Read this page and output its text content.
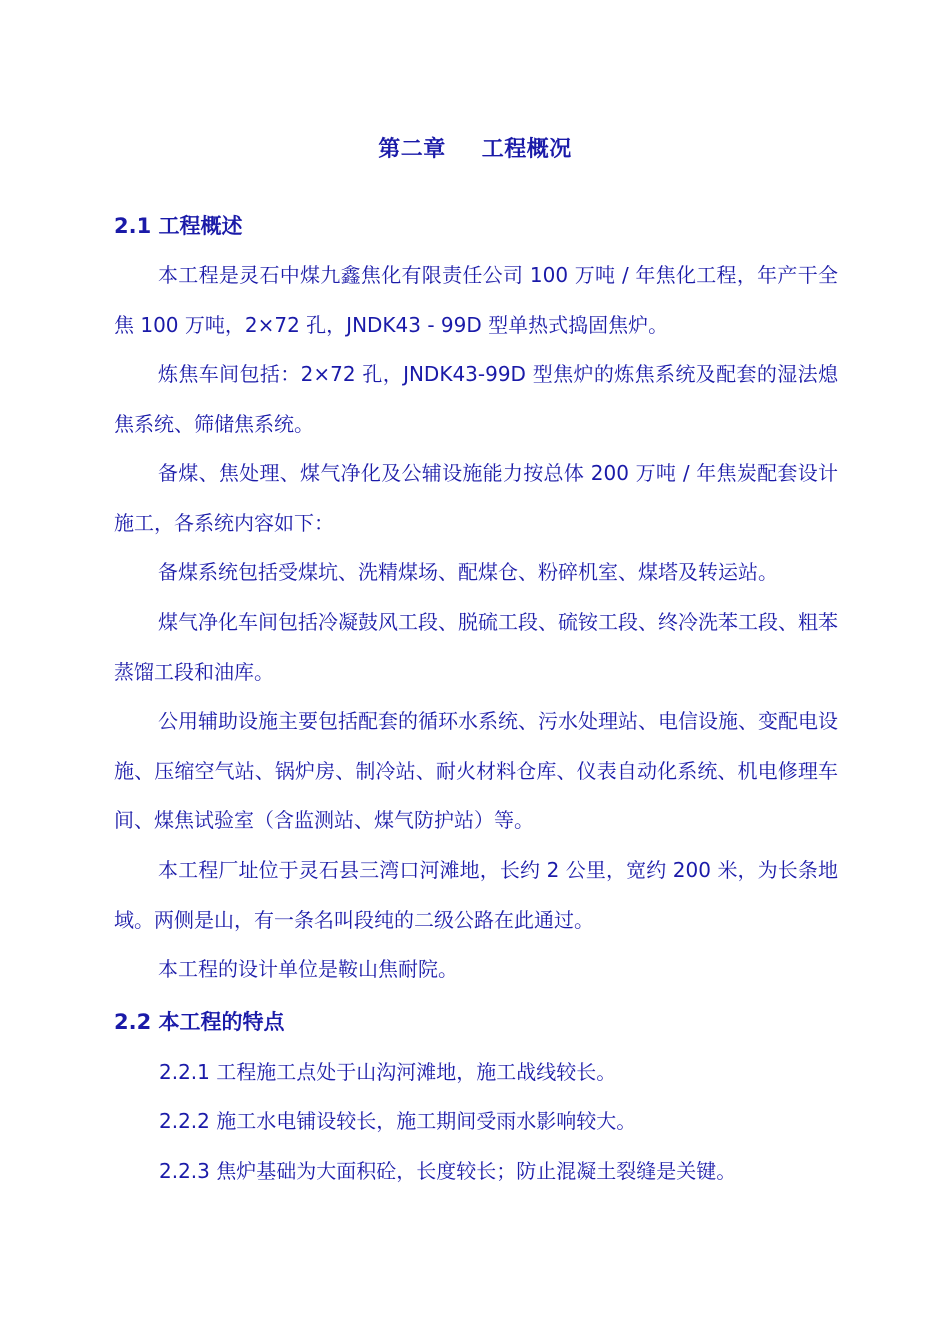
第二章 工程概况
2.1 工程概述

本工程是灵石中煤九鑫焦化有限责任公司 100 万吨 / 年焦化工程，年产干全焦 100 万吨，2×72 孔，JNDK43 - 99D 型单热式捣固焦炉。

炼焦车间包括：2×72 孔，JNDK43-99D 型焦炉的炼焦系统及配套的湿法熄焦系统、筛储焦系统。

备煤、焦处理、煤气净化及公辅设施能力按总体 200 万吨 / 年焦炭配套设计施工，各系统内容如下：

备煤系统包括受煤坑、洗精煤场、配煤仓、粉碎机室、煤塔及转运站。

煤气净化车间包括冷凝鼓风工段、脱硫工段、硫铵工段、终冷洗苯工段、粗苯蒸馏工段和油库。

公用辅助设施主要包括配套的循环水系统、污水处理站、电信设施、变配电设施、压缩空气站、锅炉房、制冷站、耐火材料仓库、仪表自动化系统、机电修理车间、煤焦试验室（含监测站、煤气防护站）等。

本工程厂址位于灵石县三湾口河滩地，长约 2 公里，宽约 200 米，为长条地域。两侧是山，有一条名叫段纯的二级公路在此通过。

本工程的设计单位是鞍山焦耐院。

2.2 本工程的特点
2.2.1 工程施工点处于山沟河滩地，施工战线较长。
2.2.2 施工水电铺设较长，施工期间受雨水影响较大。
2.2.3 焦炉基础为大面积砼，长度较长；防止混凝土裂缝是关键。
